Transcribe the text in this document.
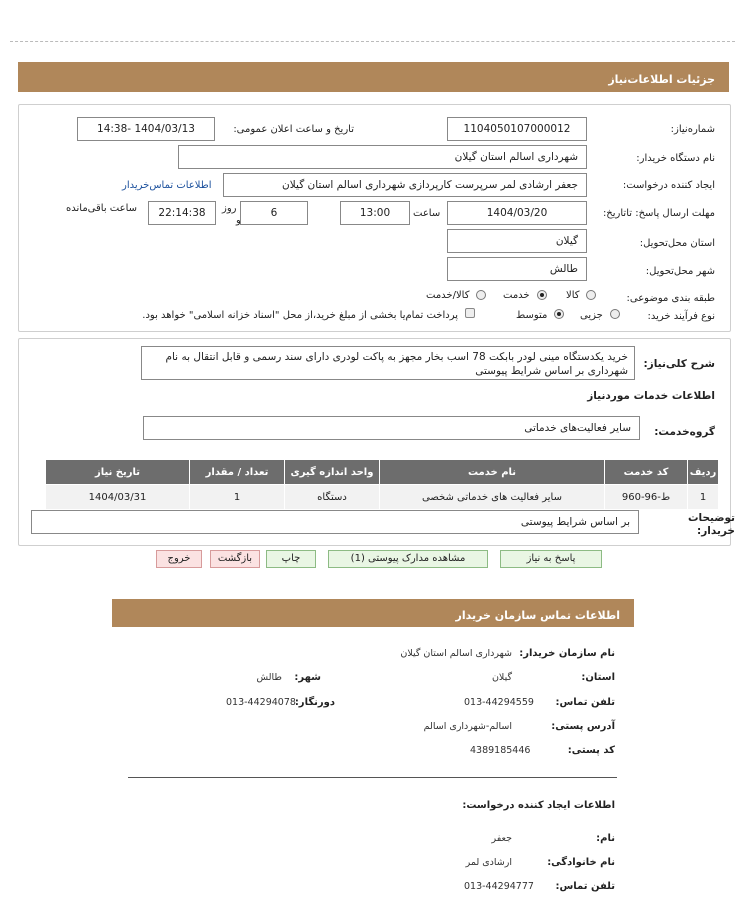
جزئیات اطلاعات‌نیاز
شماره‌نیاز:
1104050107000012
تاریخ و ساعت اعلان عمومی:
1404/03/13 -14:38
نام دستگاه خریدار:
شهرداری اسالم استان گیلان
ایجاد کننده درخواست:
جعفر ارشادی لمر سرپرست کارپردازی شهرداری اسالم استان گیلان
اطلاعات تماس‌خریدار
مهلت ارسال پاسخ: تاتاریخ:
1404/03/20
ساعت
13:00
6
روز
و
22:14:38
ساعت باقی‌مانده
استان محل‌تحویل:
گیلان
شهر محل‌تحویل:
طالش
طبقه بندی موضوعی:
کالا
خدمت
کالا/خدمت
نوع فرآیند خرید:
جزیی
متوسط
پرداخت تمام‌یا بخشی از مبلغ خرید،از محل "اسناد خزانه اسلامی" خواهد بود.
شرح کلی‌نیاز:
خرید یکدستگاه مینی لودر بابکت 78 اسب بخار مجهز به پاکت لودری دارای سند رسمی و قابل انتقال به نام شهرداری بر اساس شرایط پیوستی
اطلاعات خدمات موردنیاز
گروه‌خدمت:
سایر فعالیت‌های خدماتی
ردیف	کد خدمت	نام خدمت	واحد اندازه گیری	تعداد / مقدار	تاریخ نیاز
1	ط-96-960	سایر فعالیت های خدماتی شخصی	دستگاه	1	1404/03/31
توضیحات خریدار:
بر اساس شرایط پیوستی
پاسخ به نیاز
مشاهده مدارک پیوستی (1)
چاپ
بازگشت
خروج
اطلاعات تماس سازمان خریدار
نام سازمان خریدار:
شهرداری اسالم استان گیلان
استان:
گیلان
شهر:
طالش
تلفن تماس:
013-44294559
دورنگار:
013-44294078
آدرس پستی:
اسالم-شهرداری اسالم
کد پستی:
4389185446
اطلاعات ایجاد کننده درخواست:
نام:
جعفر
نام خانوادگی:
ارشادی لمر
تلفن تماس:
013-44294777
